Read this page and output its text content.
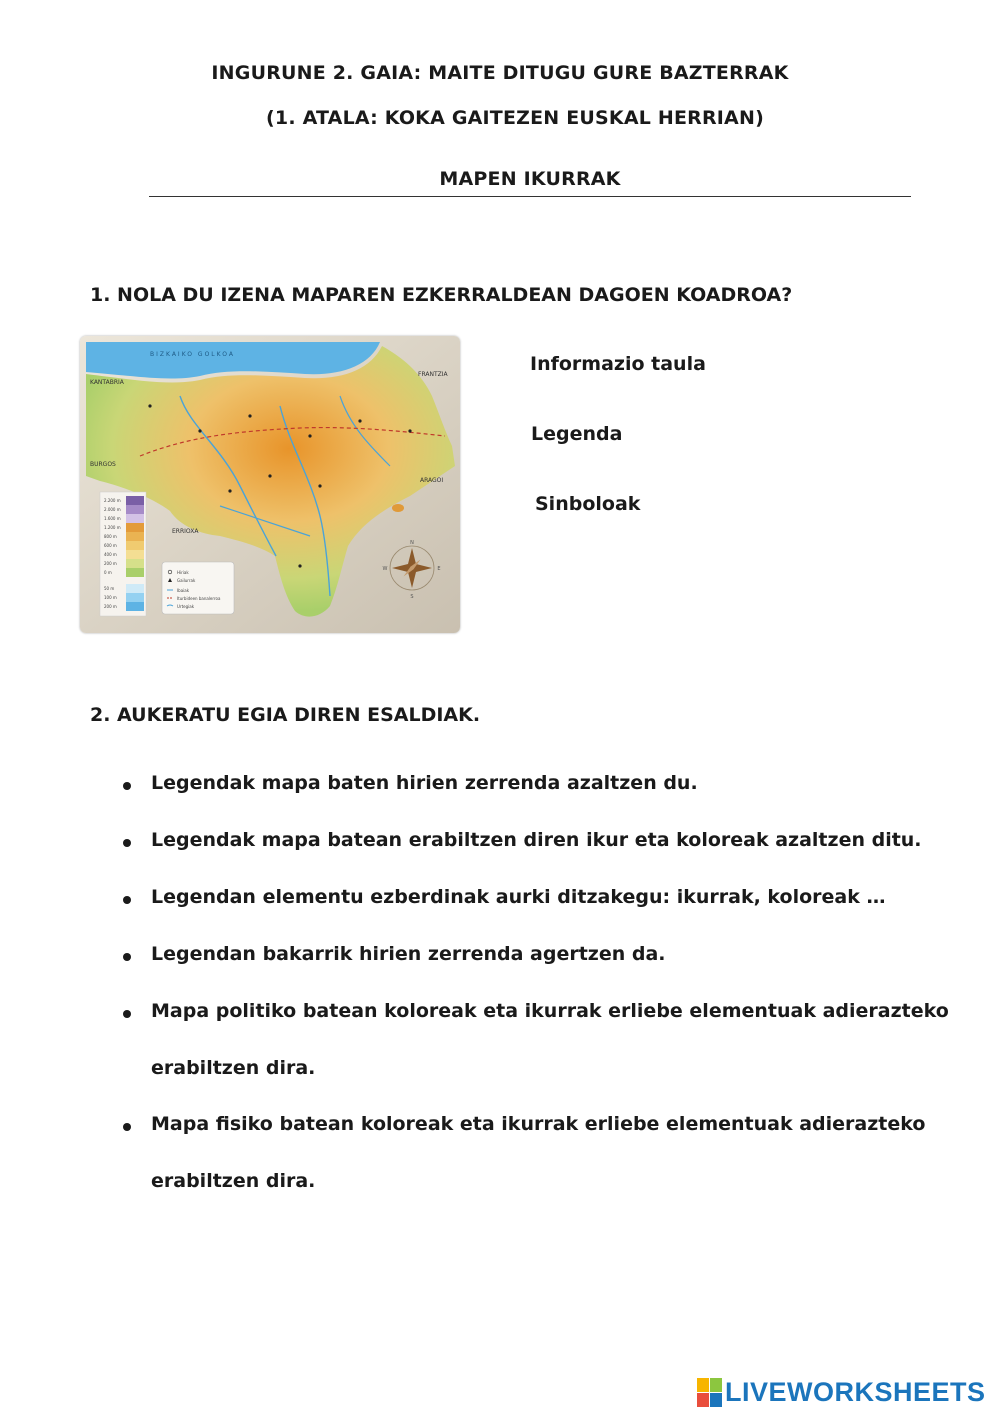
INGURUNE 2. GAIA: MAITE DITUGU GURE BAZTERRAK
(1. ATALA: KOKA GAITEZEN EUSKAL HERRIAN)
MAPEN IKURRAK
1. NOLA DU IZENA MAPAREN EZKERRALDEAN DAGOEN KOADROA?
KANTABRIA
BURGOS
FRANTZIA
ARAGOI
ERRIOXA
BIZKAIKO GOLKOA
2.200 m
2.000 m
1.600 m
1.200 m
800 m
600 m
400 m
200 m
0 m
50 m
100 m
200 m
Hiriak
Gailurrak
Ibaiak
Iturbideen banalerroa
Urtegiak
N
S
E
W
Informazio taula
Legenda
Sinboloak
2. AUKERATU EGIA DIREN ESALDIAK.
Legendak mapa baten hirien zerrenda azaltzen du.
Legendak mapa batean erabiltzen diren ikur eta koloreak azaltzen ditu.
Legendan elementu ezberdinak aurki ditzakegu: ikurrak, koloreak …
Legendan bakarrik hirien zerrenda agertzen da.
Mapa politiko batean koloreak eta ikurrak erliebe elementuak adierazteko
erabiltzen dira.
Mapa fisiko batean koloreak eta ikurrak erliebe elementuak adierazteko
erabiltzen dira.
LIVEWORKSHEETS
